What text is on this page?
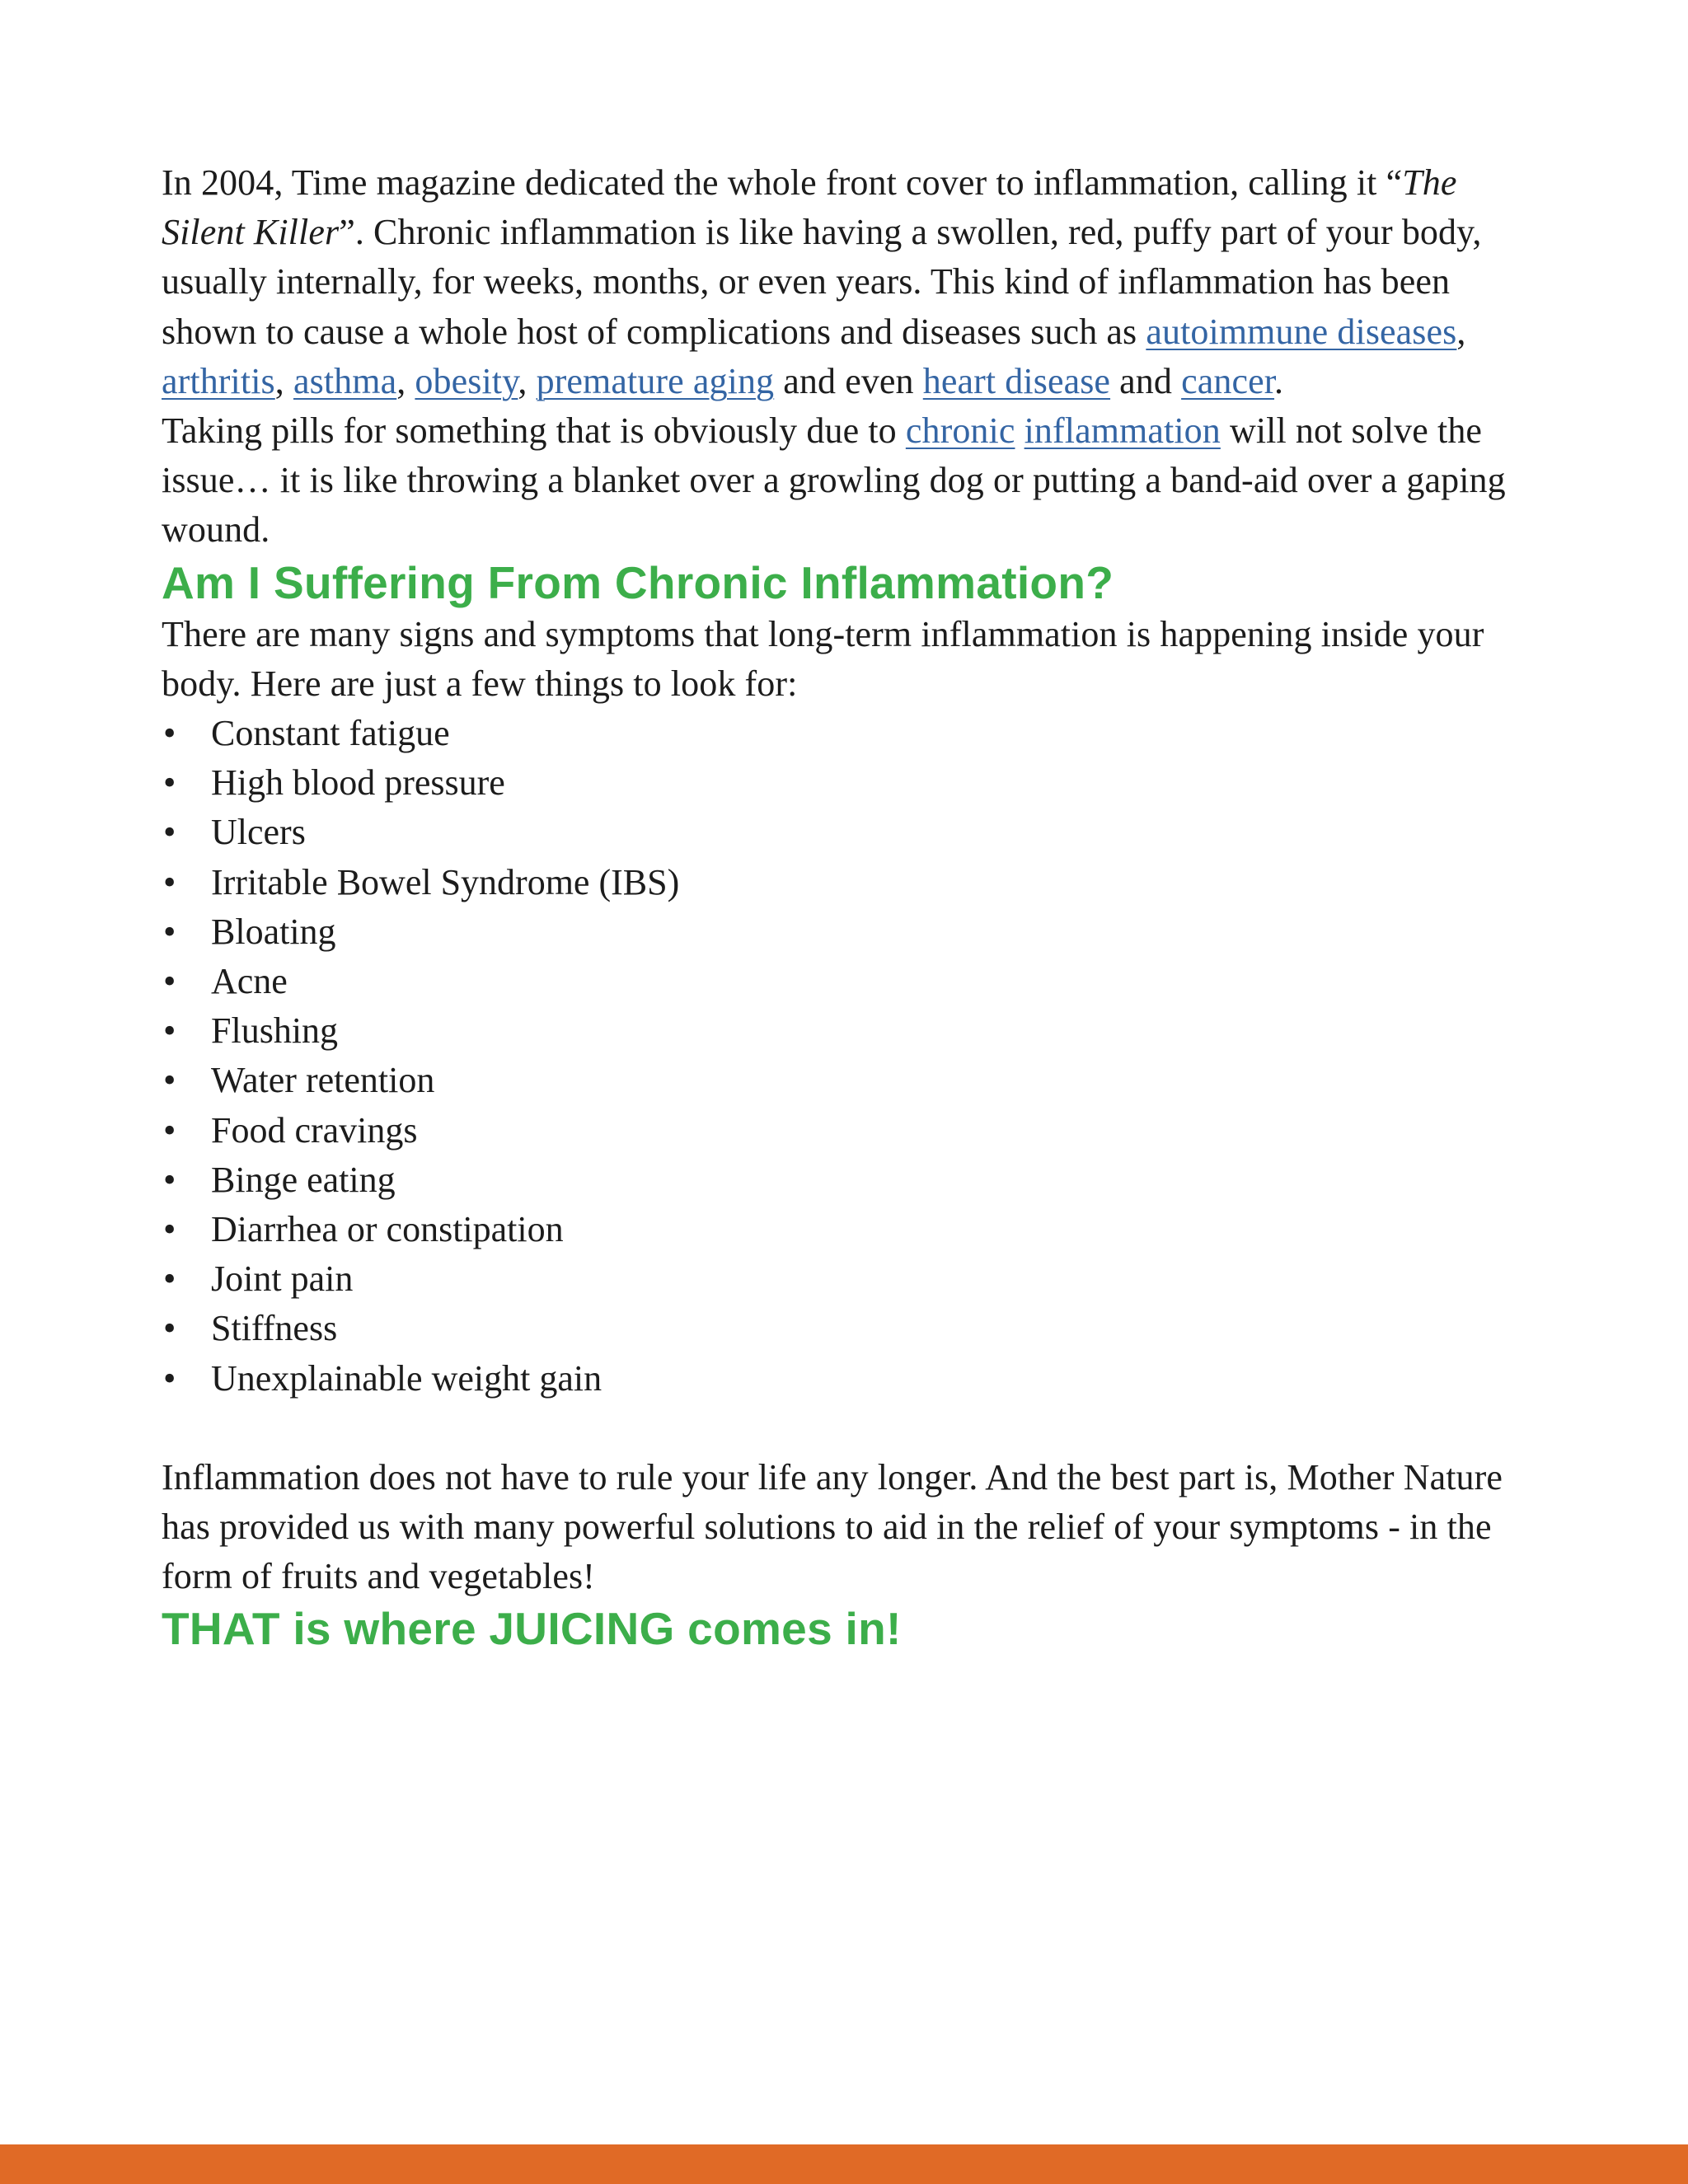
In 2004, Time magazine dedicated the whole front cover to inflammation, calling it “The Silent Killer”. Chronic inflammation is like having a swollen, red, puffy part of your body, usually internally, for weeks, months, or even years. This kind of inflammation has been shown to cause a whole host of complications and diseases such as autoimmune diseases, arthritis, asthma, obesity, premature aging and even heart disease and cancer.

Taking pills for something that is obviously due to chronic inflammation will not solve the issue… it is like throwing a blanket over a growling dog or putting a band-aid over a gaping wound.

Am I Suffering From Chronic Inflammation?

There are many signs and symptoms that long-term inflammation is happening inside your body. Here are just a few things to look for:

• Constant fatigue
• High blood pressure
• Ulcers
• Irritable Bowel Syndrome (IBS)
• Bloating
• Acne
• Flushing
• Water retention
• Food cravings
• Binge eating
• Diarrhea or constipation
• Joint pain
• Stiffness
• Unexplainable weight gain

Inflammation does not have to rule your life any longer. And the best part is, Mother Nature has provided us with many powerful solutions to aid in the relief of your symptoms - in the form of fruits and vegetables!

THAT is where JUICING comes in!
